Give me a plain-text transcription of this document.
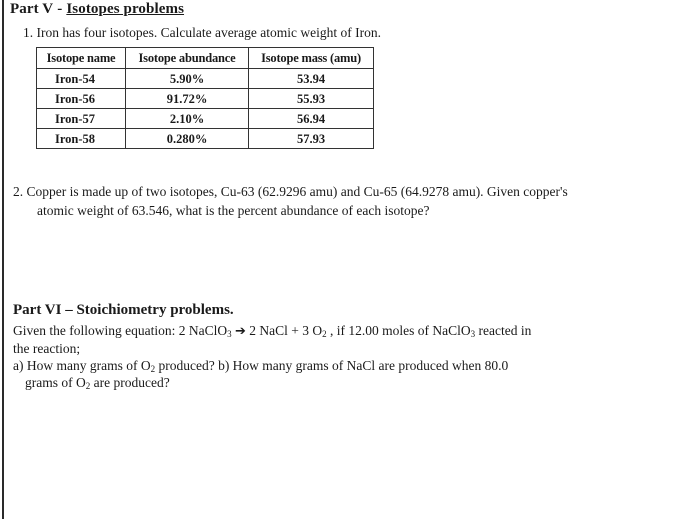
Part V - Isotopes problems
1. Iron has four isotopes. Calculate average atomic weight of Iron.
Isotope name	Isotope abundance	Isotope mass (amu)
Iron-54	5.90%	53.94
Iron-56	91.72%	55.93
Iron-57	2.10%	56.94
Iron-58	0.280%	57.93
2. Copper is made up of two isotopes, Cu-63 (62.9296 amu) and Cu-65 (64.9278 amu). Given copper's
atomic weight of 63.546, what is the percent abundance of each isotope?
Part VI – Stoichiometry problems.
Given the following equation: 2 NaClO$_3$ ➔ 2 NaCl + 3 $O_2$ , if 12.00 moles of NaClO$_3$ reacted in
the reaction;
a) How many grams of $O_2$ produced? b) How many grams of NaCl are produced when 80.0
grams of $O_2$ are produced?
